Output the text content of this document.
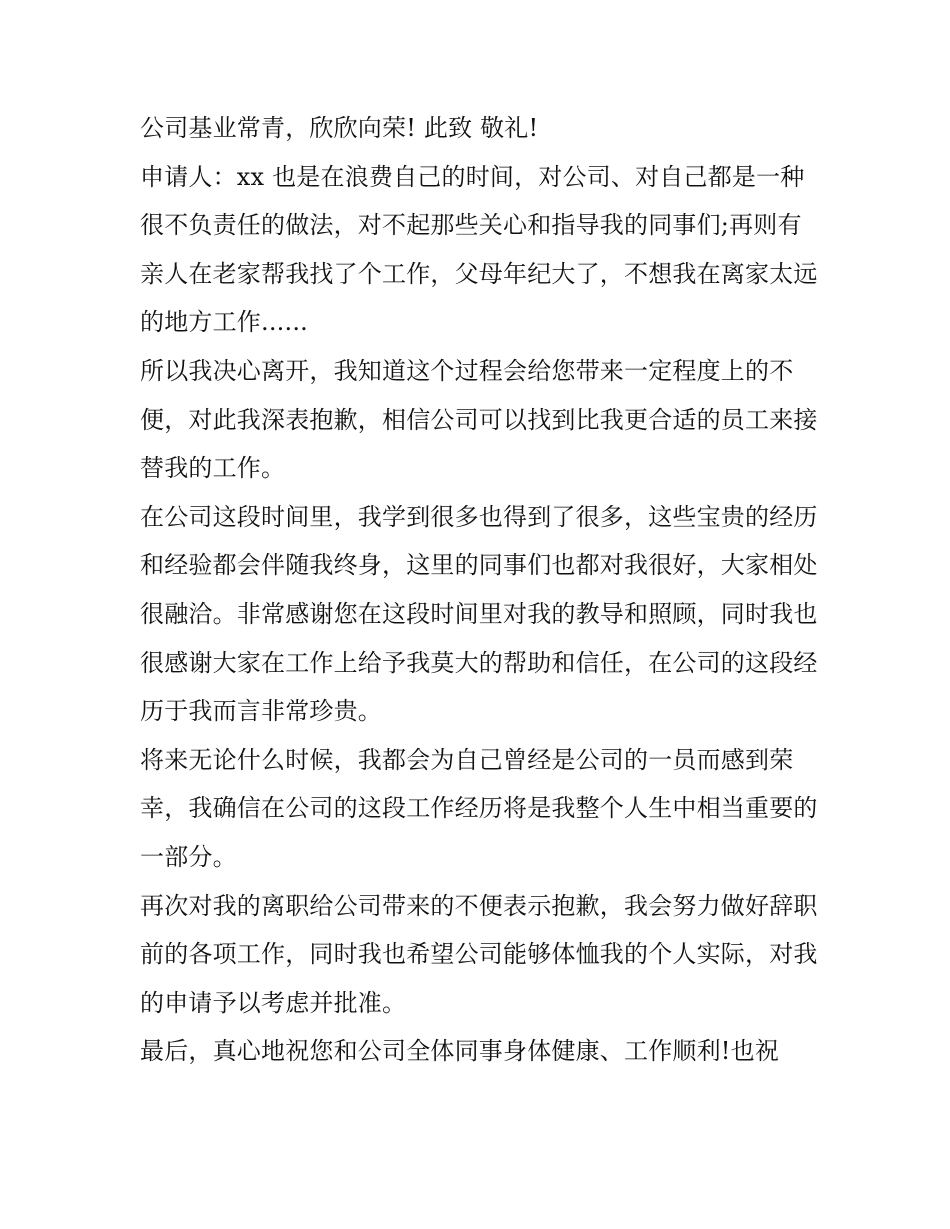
公司基业常青，欣欣向荣! 此致 敬礼!

申请人：xx 也是在浪费自己的时间，对公司、对自己都是一种很不负责任的做法，对不起那些关心和指导我的同事们;再则有亲人在老家帮我找了个工作，父母年纪大了，不想我在离家太远的地方工作......

所以我决心离开，我知道这个过程会给您带来一定程度上的不便，对此我深表抱歉，相信公司可以找到比我更合适的员工来接替我的工作。

在公司这段时间里，我学到很多也得到了很多，这些宝贵的经历和经验都会伴随我终身，这里的同事们也都对我很好，大家相处很融洽。非常感谢您在这段时间里对我的教导和照顾，同时我也很感谢大家在工作上给予我莫大的帮助和信任，在公司的这段经历于我而言非常珍贵。

将来无论什么时候，我都会为自己曾经是公司的一员而感到荣幸，我确信在公司的这段工作经历将是我整个人生中相当重要的一部分。

再次对我的离职给公司带来的不便表示抱歉，我会努力做好辞职前的各项工作，同时我也希望公司能够体恤我的个人实际，对我的申请予以考虑并批准。

最后，真心地祝您和公司全体同事身体健康、工作顺利!也祝
